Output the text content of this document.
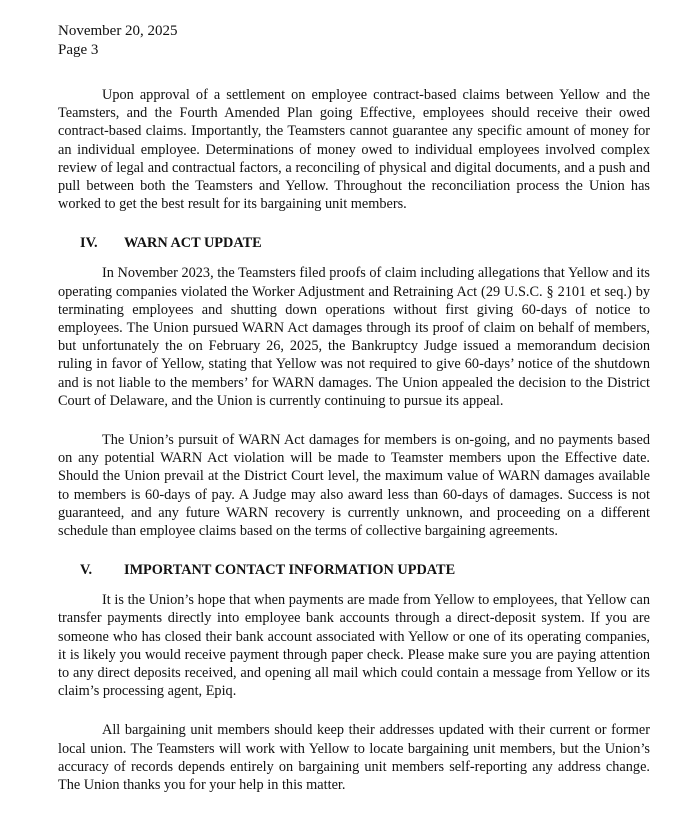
November 20, 2025

Page 3

Upon approval of a settlement on employee contract-based claims between Yellow and the Teamsters, and the Fourth Amended Plan going Effective, employees should receive their owed contract-based claims. Importantly, the Teamsters cannot guarantee any specific amount of money for an individual employee. Determinations of money owed to individual employees involved complex review of legal and contractual factors, a reconciling of physical and digital documents, and a push and pull between both the Teamsters and Yellow. Throughout the reconciliation process the Union has worked to get the best result for its bargaining unit members.

IV.	WARN ACT UPDATE

In November 2023, the Teamsters filed proofs of claim including allegations that Yellow and its operating companies violated the Worker Adjustment and Retraining Act (29 U.S.C. § 2101 et seq.) by terminating employees and shutting down operations without first giving 60-days of notice to employees. The Union pursued WARN Act damages through its proof of claim on behalf of members, but unfortunately the on February 26, 2025, the Bankruptcy Judge issued a memorandum decision ruling in favor of Yellow, stating that Yellow was not required to give 60-days’ notice of the shutdown and is not liable to the members’ for WARN damages. The Union appealed the decision to the District Court of Delaware, and the Union is currently continuing to pursue its appeal.

The Union’s pursuit of WARN Act damages for members is on-going, and no payments based on any potential WARN Act violation will be made to Teamster members upon the Effective date. Should the Union prevail at the District Court level, the maximum value of WARN damages available to members is 60-days of pay. A Judge may also award less than 60-days of damages. Success is not guaranteed, and any future WARN recovery is currently unknown, and proceeding on a different schedule than employee claims based on the terms of collective bargaining agreements.

V.	IMPORTANT CONTACT INFORMATION UPDATE

It is the Union’s hope that when payments are made from Yellow to employees, that Yellow can transfer payments directly into employee bank accounts through a direct-deposit system. If you are someone who has closed their bank account associated with Yellow or one of its operating companies, it is likely you would receive payment through paper check. Please make sure you are paying attention to any direct deposits received, and opening all mail which could contain a message from Yellow or its claim’s processing agent, Epiq.

All bargaining unit members should keep their addresses updated with their current or former local union. The Teamsters will work with Yellow to locate bargaining unit members, but the Union’s accuracy of records depends entirely on bargaining unit members self-reporting any address change. The Union thanks you for your help in this matter.
